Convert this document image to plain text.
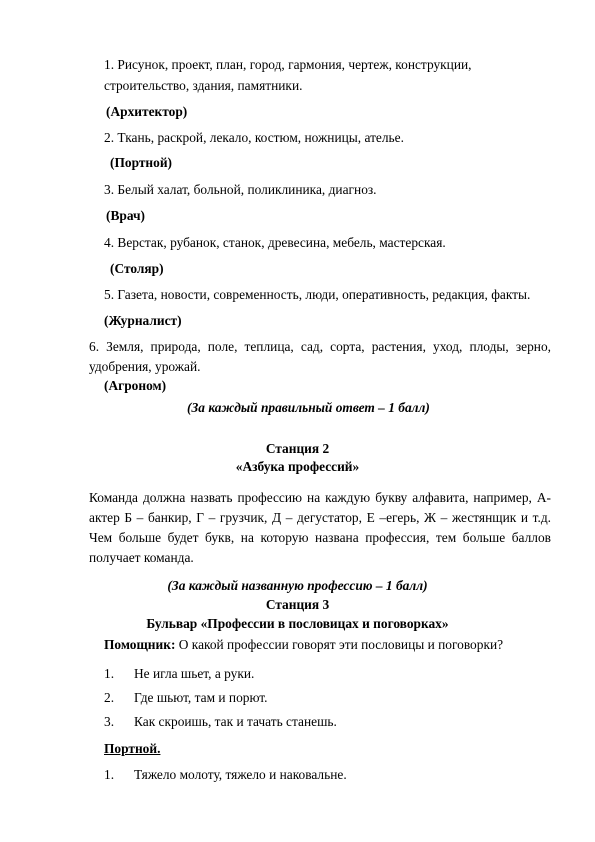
1. Рисунок, проект, план, город, гармония, чертеж, конструкции,
строительство, здания, памятники.
(Архитектор)
2. Ткань, раскрой, лекало, костюм, ножницы, ателье.
(Портной)
3. Белый халат, больной, поликлиника, диагноз.
(Врач)
4. Верстак, рубанок, станок, древесина, мебель, мастерская.
(Столяр)
5. Газета, новости, современность, люди, оперативность, редакция, факты.
(Журналист)
6. Земля, природа, поле, теплица, сад, сорта, растения, уход, плоды, зерно,
удобрения, урожай.
(Агроном)
(За каждый правильный ответ – 1 балл)
Станция 2
«Азбука профессий»
Команда должна назвать профессию на каждую букву алфавита, например, А-
актер Б – банкир, Г – грузчик, Д – дегустатор, Е –егерь, Ж – жестянщик и т.д.
Чем больше будет букв, на которую названа профессия, тем больше баллов
получает команда.
(За каждый названную профессию – 1 балл)
Станция 3
Бульвар «Профессии в пословицах и поговорках»
Помощник: О какой профессии говорят эти пословицы и поговорки?
1. Не игла шьет, а руки.
2. Где шьют, там и порют.
3. Как скроишь, так и тачать станешь.
Портной.
1. Тяжело молоту, тяжело и наковальне.
